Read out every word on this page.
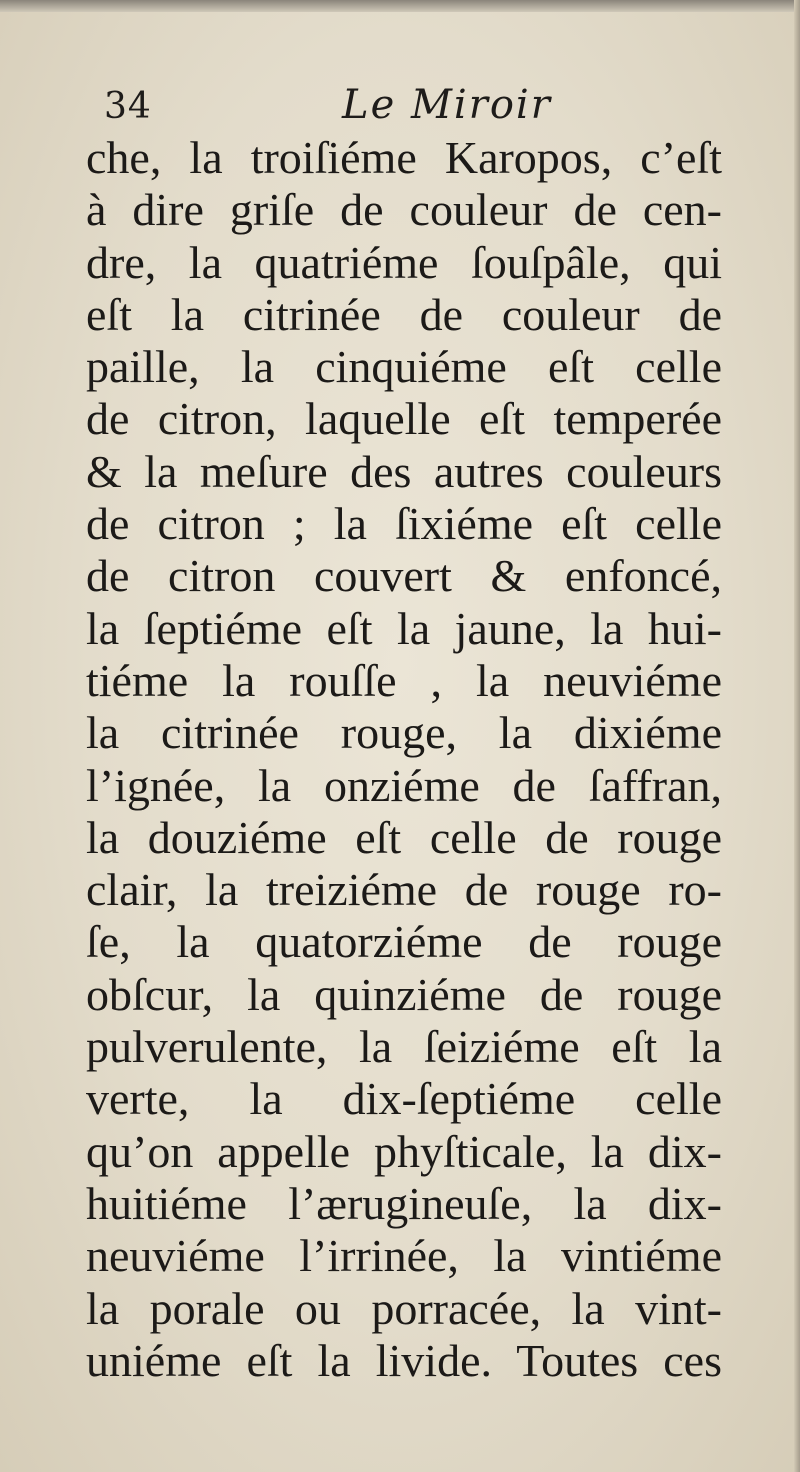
34	Le Miroir
che, la troiſiéme Karopos, c’eſt
à dire griſe de couleur de cen-
dre, la quatriéme ſouſpâle, qui
eſt la citrinée de couleur de
paille, la cinquiéme eſt celle
de citron, laquelle eſt temperée
& la meſure des autres couleurs
de citron ; la ſixiéme eſt celle
de citron couvert & enfoncé,
la ſeptiéme eſt la jaune, la hui-
tiéme la rouſſe , la neuviéme
la citrinée rouge, la dixiéme
l’ignée, la onziéme de ſaffran,
la douziéme eſt celle de rouge
clair, la treiziéme de rouge ro-
ſe, la quatorziéme de rouge
obſcur, la quinziéme de rouge
pulverulente, la ſeiziéme eſt la
verte, la dix-ſeptiéme celle
qu’on appelle phyſticale, la dix-
huitiéme l’ærugineuſe, la dix-
neuviéme l’irrinée, la vintiéme
la porale ou porracée, la vint-
uniéme eſt la livide. Toutes ces
